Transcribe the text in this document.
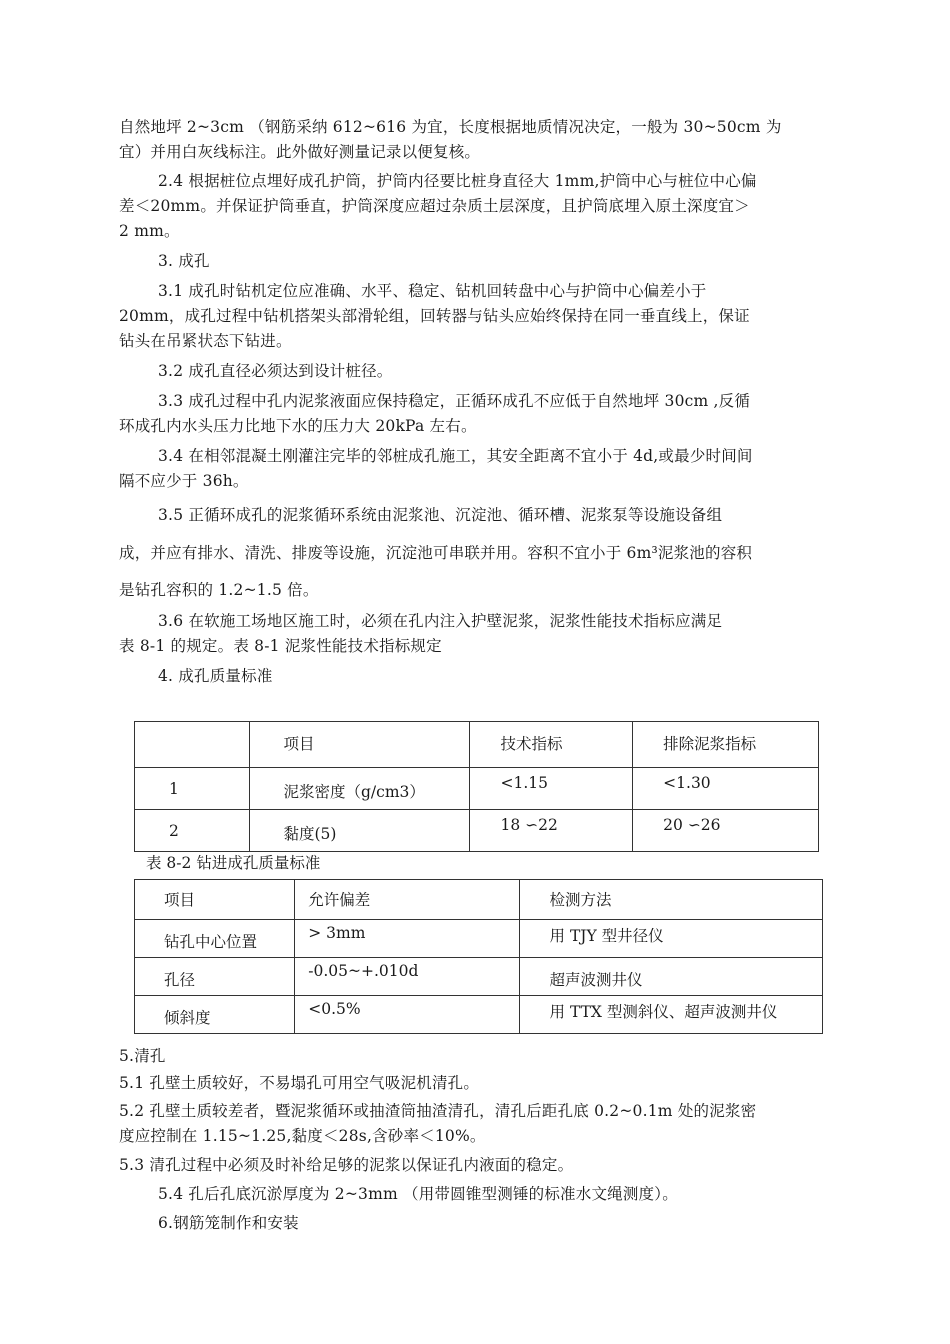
自然地坪 2~3cm （钢筋采纳 612~616 为宜，长度根据地质情况决定，一般为 30~50cm 为
宜）并用白灰线标注。此外做好测量记录以便复核。
2.4 根据桩位点埋好成孔护筒，护筒内径要比桩身直径大 1mm,护筒中心与桩位中心偏
差＜20mm。并保证护筒垂直，护筒深度应超过杂质土层深度，且护筒底埋入原土深度宜＞
2 mm。
3. 成孔
3.1 成孔时钻机定位应准确、水平、稳定、钻机回转盘中心与护筒中心偏差小于
20mm，成孔过程中钻机搭架头部滑轮组，回转器与钻头应始终保持在同一垂直线上，保证
钻头在吊紧状态下钻进。
3.2 成孔直径必须达到设计桩径。
3.3 成孔过程中孔内泥浆液面应保持稳定，正循环成孔不应低于自然地坪 30cm ,反循
环成孔内水头压力比地下水的压力大 20kPa 左右。
3.4 在相邻混凝土刚灌注完毕的邻桩成孔施工，其安全距离不宜小于 4d,或最少时间间
隔不应少于 36h。
3.5 正循环成孔的泥浆循环系统由泥浆池、沉淀池、循环槽、泥浆泵等设施设备组
成，并应有排水、清洗、排废等设施，沉淀池可串联并用。容积不宜小于 6m³泥浆池的容积
是钻孔容积的 1.2~1.5 倍。
3.6 在软施工场地区施工时，必须在孔内注入护壁泥浆，泥浆性能技术指标应满足
表 8-1 的规定。表 8-1 泥浆性能技术指标规定
4. 成孔质量标准
5.清孔
5.1 孔壁土质较好，不易塌孔可用空气吸泥机清孔。
5.2 孔壁土质较差者，暨泥浆循环或抽渣筒抽渣清孔，清孔后距孔底 0.2~0.1m 处的泥浆密
度应控制在 1.15~1.25,黏度＜28s,含砂率＜10%。
5.3 清孔过程中必须及时补给足够的泥浆以保证孔内液面的稳定。
5.4 孔后孔底沉淤厚度为 2~3mm （用带圆锥型测锤的标准水文绳测度）。
6.钢筋笼制作和安装

	项目	技术指标	排除泥浆指标

1	泥浆密度（g/cm3）	<1.15	<1.30

2	黏度(5)	18 ∽22	20 ∽26
表 8-2 钻进成孔质量标准
项目	允许偏差	检测方法

钻孔中心位置	> 3mm	用 TJY 型井径仪

孔径	-0.05~+.010d	超声波测井仪

倾斜度	<0.5%	用 TTX 型测斜仪、超声波测井仪
